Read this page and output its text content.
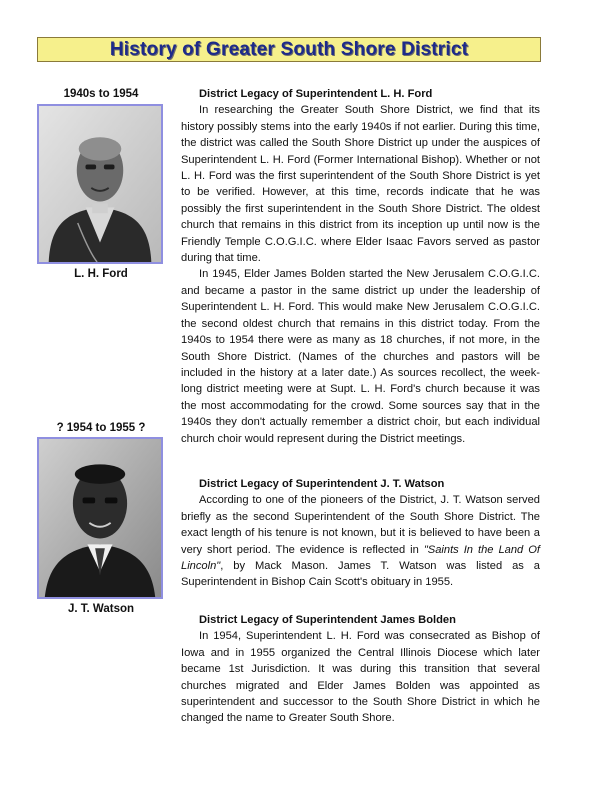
History of Greater South Shore District
1940s to 1954
L. H. Ford
? 1954 to 1955 ?
J. T. Watson
District Legacy of Superintendent L. H. Ford

In researching the Greater South Shore District, we find that its history possibly stems into the early 1940s if not earlier. During this time, the district was called the South Shore District up under the auspices of Superintendent L. H. Ford (Former International Bishop). Whether or not L. H. Ford was the first superintendent of the South Shore District is yet to be verified. However, at this time, records indicate that he was possibly the first superintendent in the South Shore District. The oldest church that remains in this district from its inception up until now is the Friendly Temple C.O.G.I.C. where Elder Isaac Favors served as pastor during that time.

In 1945, Elder James Bolden started the New Jerusalem C.O.G.I.C. and became a pastor in the same district up under the leadership of Superintendent L. H. Ford. This would make New Jerusalem C.O.G.I.C. the second oldest church that remains in this district today. From the 1940s to 1954 there were as many as 18 churches, if not more, in the South Shore District. (Names of the churches and pastors will be included in the history at a later date.) As sources recollect, the week-long district meeting were at Supt. L. H. Ford's church because it was the most accommodating for the crowd. Some sources say that in the 1940s they don't actually remember a district choir, but each individual church choir would represent during the District meetings.

District Legacy of Superintendent J. T. Watson

According to one of the pioneers of the District, J. T. Watson served briefly as the second Superintendent of the South Shore District. The exact length of his tenure is not known, but it is believed to have been a very short period. The evidence is reflected in "Saints In the Land Of Lincoln", by Mack Mason. James T. Watson was listed as a Superintendent in Bishop Cain Scott's obituary in 1955.

District Legacy of Superintendent James Bolden

In 1954, Superintendent L. H. Ford was consecrated as Bishop of Iowa and in 1955 organized the Central Illinois Diocese which later became 1st Jurisdiction. It was during this transition that several churches migrated and Elder James Bolden was appointed as superintendent and successor to the South Shore District in which he changed the name to Greater South Shore.
